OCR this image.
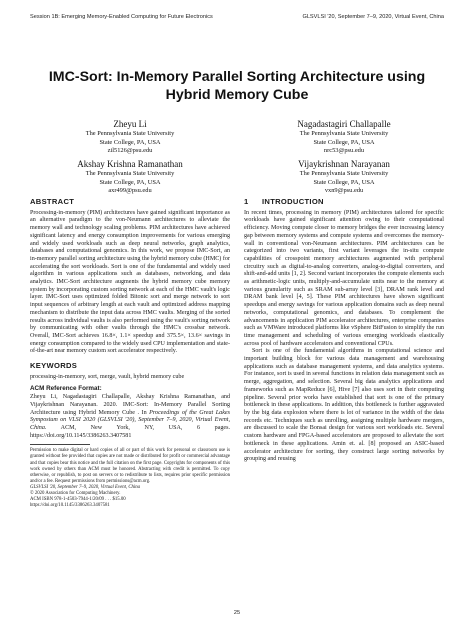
Session 1B: Emerging Memory-Enabled Computing for Future Electronics	GLSVLSI '20, September 7–9, 2020, Virtual Event, China
IMC-Sort: In-Memory Parallel Sorting Architecture using Hybrid Memory Cube
Zheyu Li
The Pennsylvania State University
State College, PA, USA
zil5126@psu.edu
Nagadastagiri Challapalle
The Pennsylvania State University
State College, PA, USA
nrc53@psu.edu
Akshay Krishna Ramanathan
The Pennsylvania State University
State College, PA, USA
axr499@psu.edu
Vijaykrishnan Narayanan
The Pennsylvania State University
State College, PA, USA
vxn9@psu.edu
ABSTRACT

Processing-in-memory (PIM) architectures have gained significant importance as an alternative paradigm to the von-Neumann architectures to alleviate the memory wall and technology scaling problems. PIM architectures have achieved significant latency and energy consumption improvements for various emerging and widely used workloads such as deep neural networks, graph analytics, databases and computational genomics. In this work, we propose IMC-Sort, an in-memory parallel sorting architecture using the hybrid memory cube (HMC) for accelerating the sort workloads. Sort is one of the fundamental and widely used algorithm in various applications such as databases, networking, and data analytics. IMC-Sort architecture augments the hybrid memory cube memory system by incorporating custom sorting network at each of the HMC vault's logic layer. IMC-Sort uses optimized folded Bitonic sort and merge network to sort input sequences of arbitrary length at each vault and optimized address mapping mechanism to distribute the input data across HMC vaults. Merging of the sorted results across individual vaults is also performed using the vault's sorting network by communicating with other vaults through the HMC's crossbar network. Overall, IMC-Sort achieves 16.8×, 1.1× speedup and 375.5×, 13.6× savings in energy consumption compared to the widely used CPU implementation and state-of-the-art near memory custom sort accelerator respectively.

KEYWORDS

processing-in-memory, sort, merge, vault, hybrid memory cube

ACM Reference Format:
Zheyu Li, Nagadastagiri Challapalle, Akshay Krishna Ramanathan, and Vijaykrishnan Narayanan. 2020. IMC-Sort: In-Memory Parallel Sorting Architecture using Hybrid Memory Cube . In Proceedings of the Great Lakes Symposium on VLSI 2020 (GLSVLSI '20), September 7–9, 2020, Virtual Event, China. ACM, New York, NY, USA, 6 pages. https://doi.org/10.1145/3386263.3407581
Permission to make digital or hard copies of all or part of this work for personal or classroom use is granted without fee provided that copies are not made or distributed for profit or commercial advantage and that copies bear this notice and the full citation on the first page. Copyrights for components of this work owned by others than ACM must be honored. Abstracting with credit is permitted. To copy otherwise, or republish, to post on servers or to redistribute to lists, requires prior specific permission and/or a fee. Request permissions from permissions@acm.org.
GLSVLSI '20, September 7–9, 2020, Virtual Event, China
© 2020 Association for Computing Machinery.
ACM ISBN 978-1-4503-7944-1/20/09 . . . $15.00
https://doi.org/10.1145/3386263.3407581
1 INTRODUCTION

In recent times, processing in memory (PIM) architectures tailored for specific workloads have gained significant attention owing to their computational efficiency. Moving compute closer to memory bridges the ever increasing latency gap between memory systems and compute systems and overcomes the memory-wall in conventional von-Neumann architectures. PIM architectures can be categorized into two variants, first variant leverages the in-situ compute capabilities of crosspoint memory architectures augmented with peripheral circuitry such as digital-to-analog converters, analog-to-digital converters, and shift-and-add units [1, 2]. Second variant incorporates the compute elements such as arithmetic-logic units, multiply-and-accumulate units near to the memory at various granularity such as SRAM sub-array level [3], DRAM rank level and DRAM bank level [4, 5]. These PIM architectures have shown significant speedups and energy savings for various application domains such as deep neural networks, computational genomics, and databases. To complement the advancements in application PIM accelerator architectures, enterprise companies such as VMWare introduced platforms like vSphere BitFusion to simplify the run time management and scheduling of various emerging workloads elastically across pool of hardware accelerators and conventional CPUs.

Sort is one of the fundamental algorithms in computational science and important building block for various data management and warehousing applications such as database management systems, and data analytics systems. For instance, sort is used in several functions in relation data management such as merge, aggregation, and selection. Several big data analytics applications and frameworks such as MapReduce [6], Hive [7] also uses sort in their computing pipeline. Several prior works have established that sort is one of the primary bottleneck in these applications. In addition, this bottleneck is further aggravated by the big data explosion where there is lot of variance in the width of the data records etc. Techniques such as unrolling, assigning multiple hardware mergers, are discussed to scale the Bonsai design for various sort workloads etc. Several custom hardware and FPGA-based accelerators are proposed to alleviate the sort bottleneck in these applications. Amin et. al. [8] proposed an ASIC-based accelerator architecture for sorting, they construct large sorting networks by grouping and reusing

25
